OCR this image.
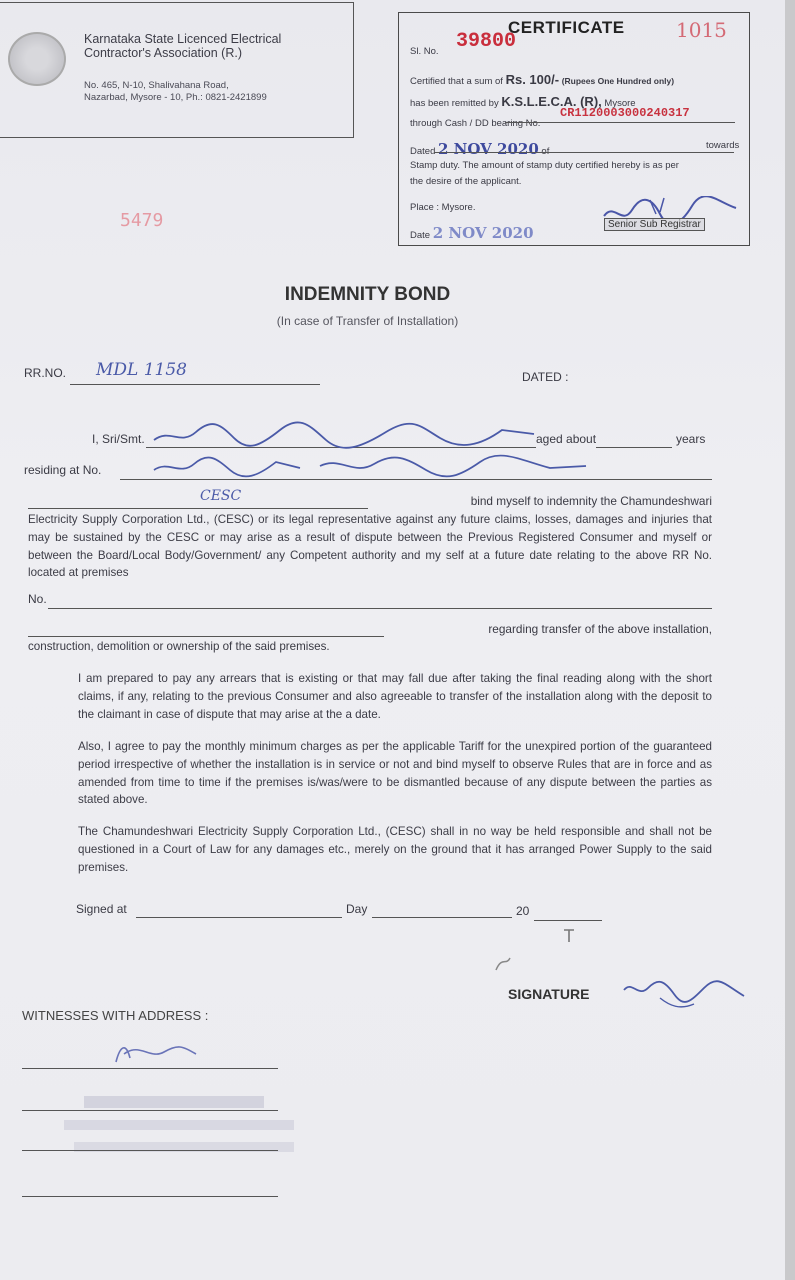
Karnataka State Licenced Electrical
Contractor's Association (R.)
No. 465, N-10, Shalivahana Road,
Nazarbad, Mysore - 10, Ph.: 0821-2421899
CERTIFICATE	1015
Sl. No. 39800
Certified that a sum of Rs. 100/- (Rupees One Hundred only)
has been remitted by K.S.L.E.C.A. (R), Mysore
through Cash / DD bearing No.
CR1120003000240317
Dated 2 NOV 2020 of
towards
Stamp duty. The amount of stamp duty certified hereby is as per
the desire of the applicant.
Place : Mysore.
Date 2 NOV 2020	Senior Sub Registrar
5479
INDEMNITY BOND
(In case of Transfer of Installation)
RR.NO. MDL 1158	DATED :
I, Sri/Smt.	aged about	years
residing at No.
CESC	bind myself to indemnity the Chamundeshwari
Electricity Supply Corporation Ltd., (CESC) or its legal representative against any future claims, losses, damages and injuries that may be sustained by the CESC or may arise as a result of dispute between the Previous Registered Consumer and myself or between the Board/Local Body/Government/ any Competent authority and my self at a future date relating to the above RR No. located at premises
No.
regarding transfer of the above installation,
construction, demolition or ownership of the said premises.
I am prepared to pay any arrears that is existing or that may fall due after taking the final reading along with the short claims, if any, relating to the previous Consumer and also agreeable to transfer of the installation along with the deposit to the claimant in case of dispute that may arise at the a date.
Also, I agree to pay the monthly minimum charges as per the applicable Tariff for the unexpired portion of the guaranteed period irrespective of whether the installation is in service or not and bind myself to observe Rules that are in force and as amended from time to time if the premises is/was/were to be dismantled because of any dispute between the parties as stated above.
The Chamundeshwari Electricity Supply Corporation Ltd., (CESC) shall in no way be held responsible and shall not be questioned in a Court of Law for any damages etc., merely on the ground that it has arranged Power Supply to the said premises.
Signed at	Day	20
SIGNATURE
WITNESSES WITH ADDRESS :
